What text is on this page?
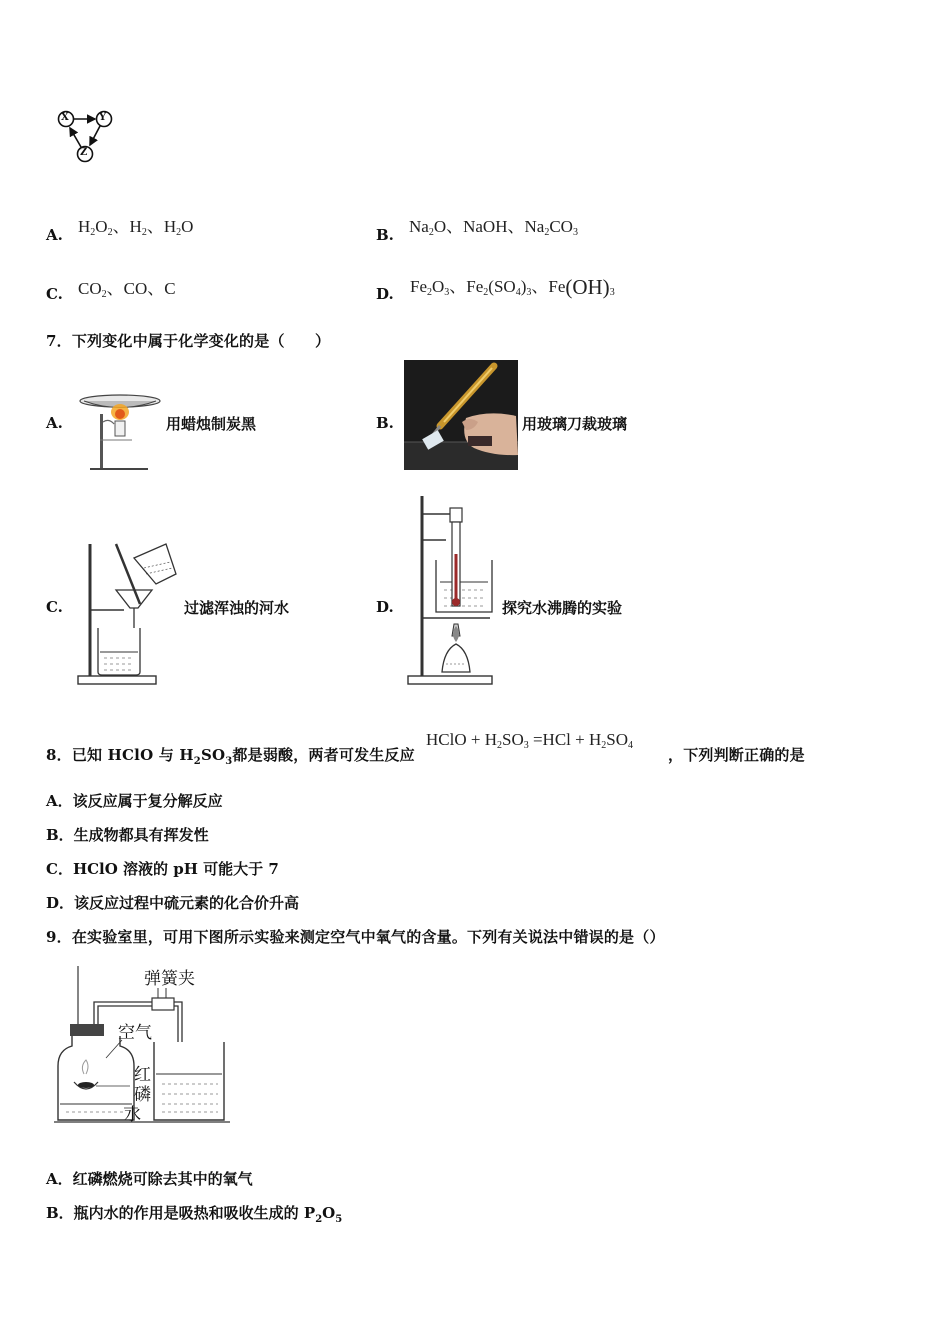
X	Y
Z
A. $H_2O_2$、$H_2$、$H_2O$	B. $Na_2O$、NaOH、$Na_2CO_3$
C. $CO_2$、CO、C	D. $Fe_2O_3$、$Fe_2(SO_4)_3$、$Fe(OH)_3$
7．下列变化中属于化学变化的是（　　）
A.	用蜡烛制炭黑	B.	用玻璃刀裁玻璃
C.	过滤浑浊的河水	D.	探究水沸腾的实验
8．已知 HClO 与 $H_2SO_3$都是弱酸，两者可发生反应
HClO + $H_2SO_3 =HCl + H_2SO_4$
，下列判断正确的是
A．该反应属于复分解反应
B．生成物都具有挥发性
C．HClO 溶液的 pH 可能大于 7
D．该反应过程中硫元素的化合价升高
9．在实验室里，可用下图所示实验来测定空气中氧气的含量。下列有关说法中错误的是（）
弹簧夹
空气
红
磷
水
A．红磷燃烧可除去其中的氧气
B．瓶内水的作用是吸热和吸收生成的 $P_2O_5$
